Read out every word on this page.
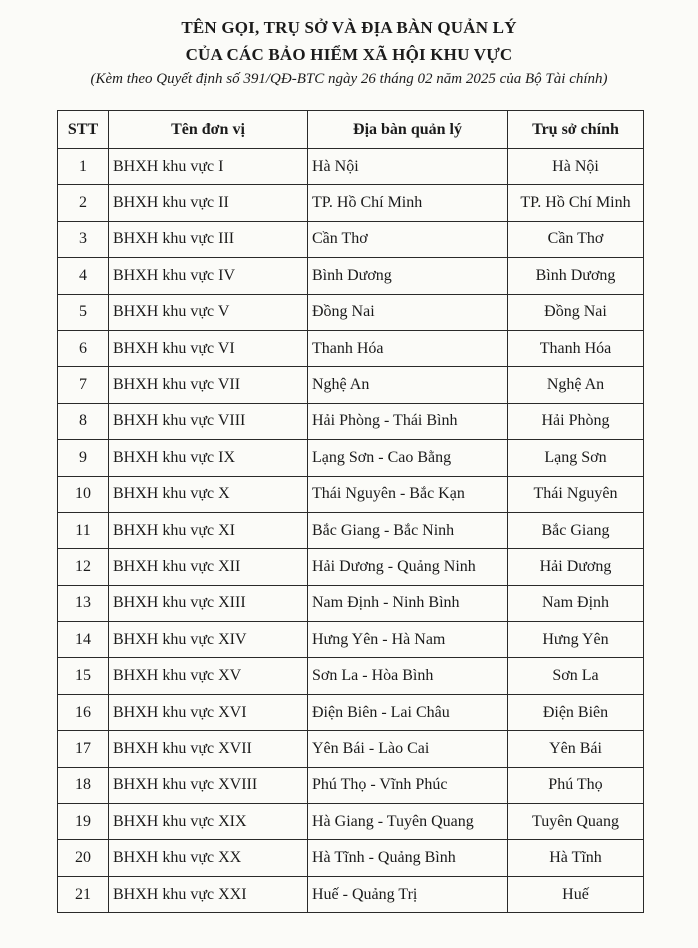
TÊN GỌI, TRỤ SỞ VÀ ĐỊA BÀN QUẢN LÝ
CỦA CÁC BẢO HIỂM XÃ HỘI KHU VỰC
(Kèm theo Quyết định số 391/QĐ-BTC ngày 26 tháng 02 năm 2025 của Bộ Tài chính)
STT	Tên đơn vị	Địa bàn quản lý	Trụ sở chính
1	BHXH khu vực I	Hà Nội	Hà Nội
2	BHXH khu vực II	TP. Hồ Chí Minh	TP. Hồ Chí Minh
3	BHXH khu vực III	Cần Thơ	Cần Thơ
4	BHXH khu vực IV	Bình Dương	Bình Dương
5	BHXH khu vực V	Đồng Nai	Đồng Nai
6	BHXH khu vực VI	Thanh Hóa	Thanh Hóa
7	BHXH khu vực VII	Nghệ An	Nghệ An
8	BHXH khu vực VIII	Hải Phòng - Thái Bình	Hải Phòng
9	BHXH khu vực IX	Lạng Sơn - Cao Bằng	Lạng Sơn
10	BHXH khu vực X	Thái Nguyên - Bắc Kạn	Thái Nguyên
11	BHXH khu vực XI	Bắc Giang - Bắc Ninh	Bắc Giang
12	BHXH khu vực XII	Hải Dương - Quảng Ninh	Hải Dương
13	BHXH khu vực XIII	Nam Định - Ninh Bình	Nam Định
14	BHXH khu vực XIV	Hưng Yên - Hà Nam	Hưng Yên
15	BHXH khu vực XV	Sơn La - Hòa Bình	Sơn La
16	BHXH khu vực XVI	Điện Biên - Lai Châu	Điện Biên
17	BHXH khu vực XVII	Yên Bái - Lào Cai	Yên Bái
18	BHXH khu vực XVIII	Phú Thọ - Vĩnh Phúc	Phú Thọ
19	BHXH khu vực XIX	Hà Giang - Tuyên Quang	Tuyên Quang
20	BHXH khu vực XX	Hà Tĩnh - Quảng Bình	Hà Tĩnh
21	BHXH khu vực XXI	Huế - Quảng Trị	Huế
